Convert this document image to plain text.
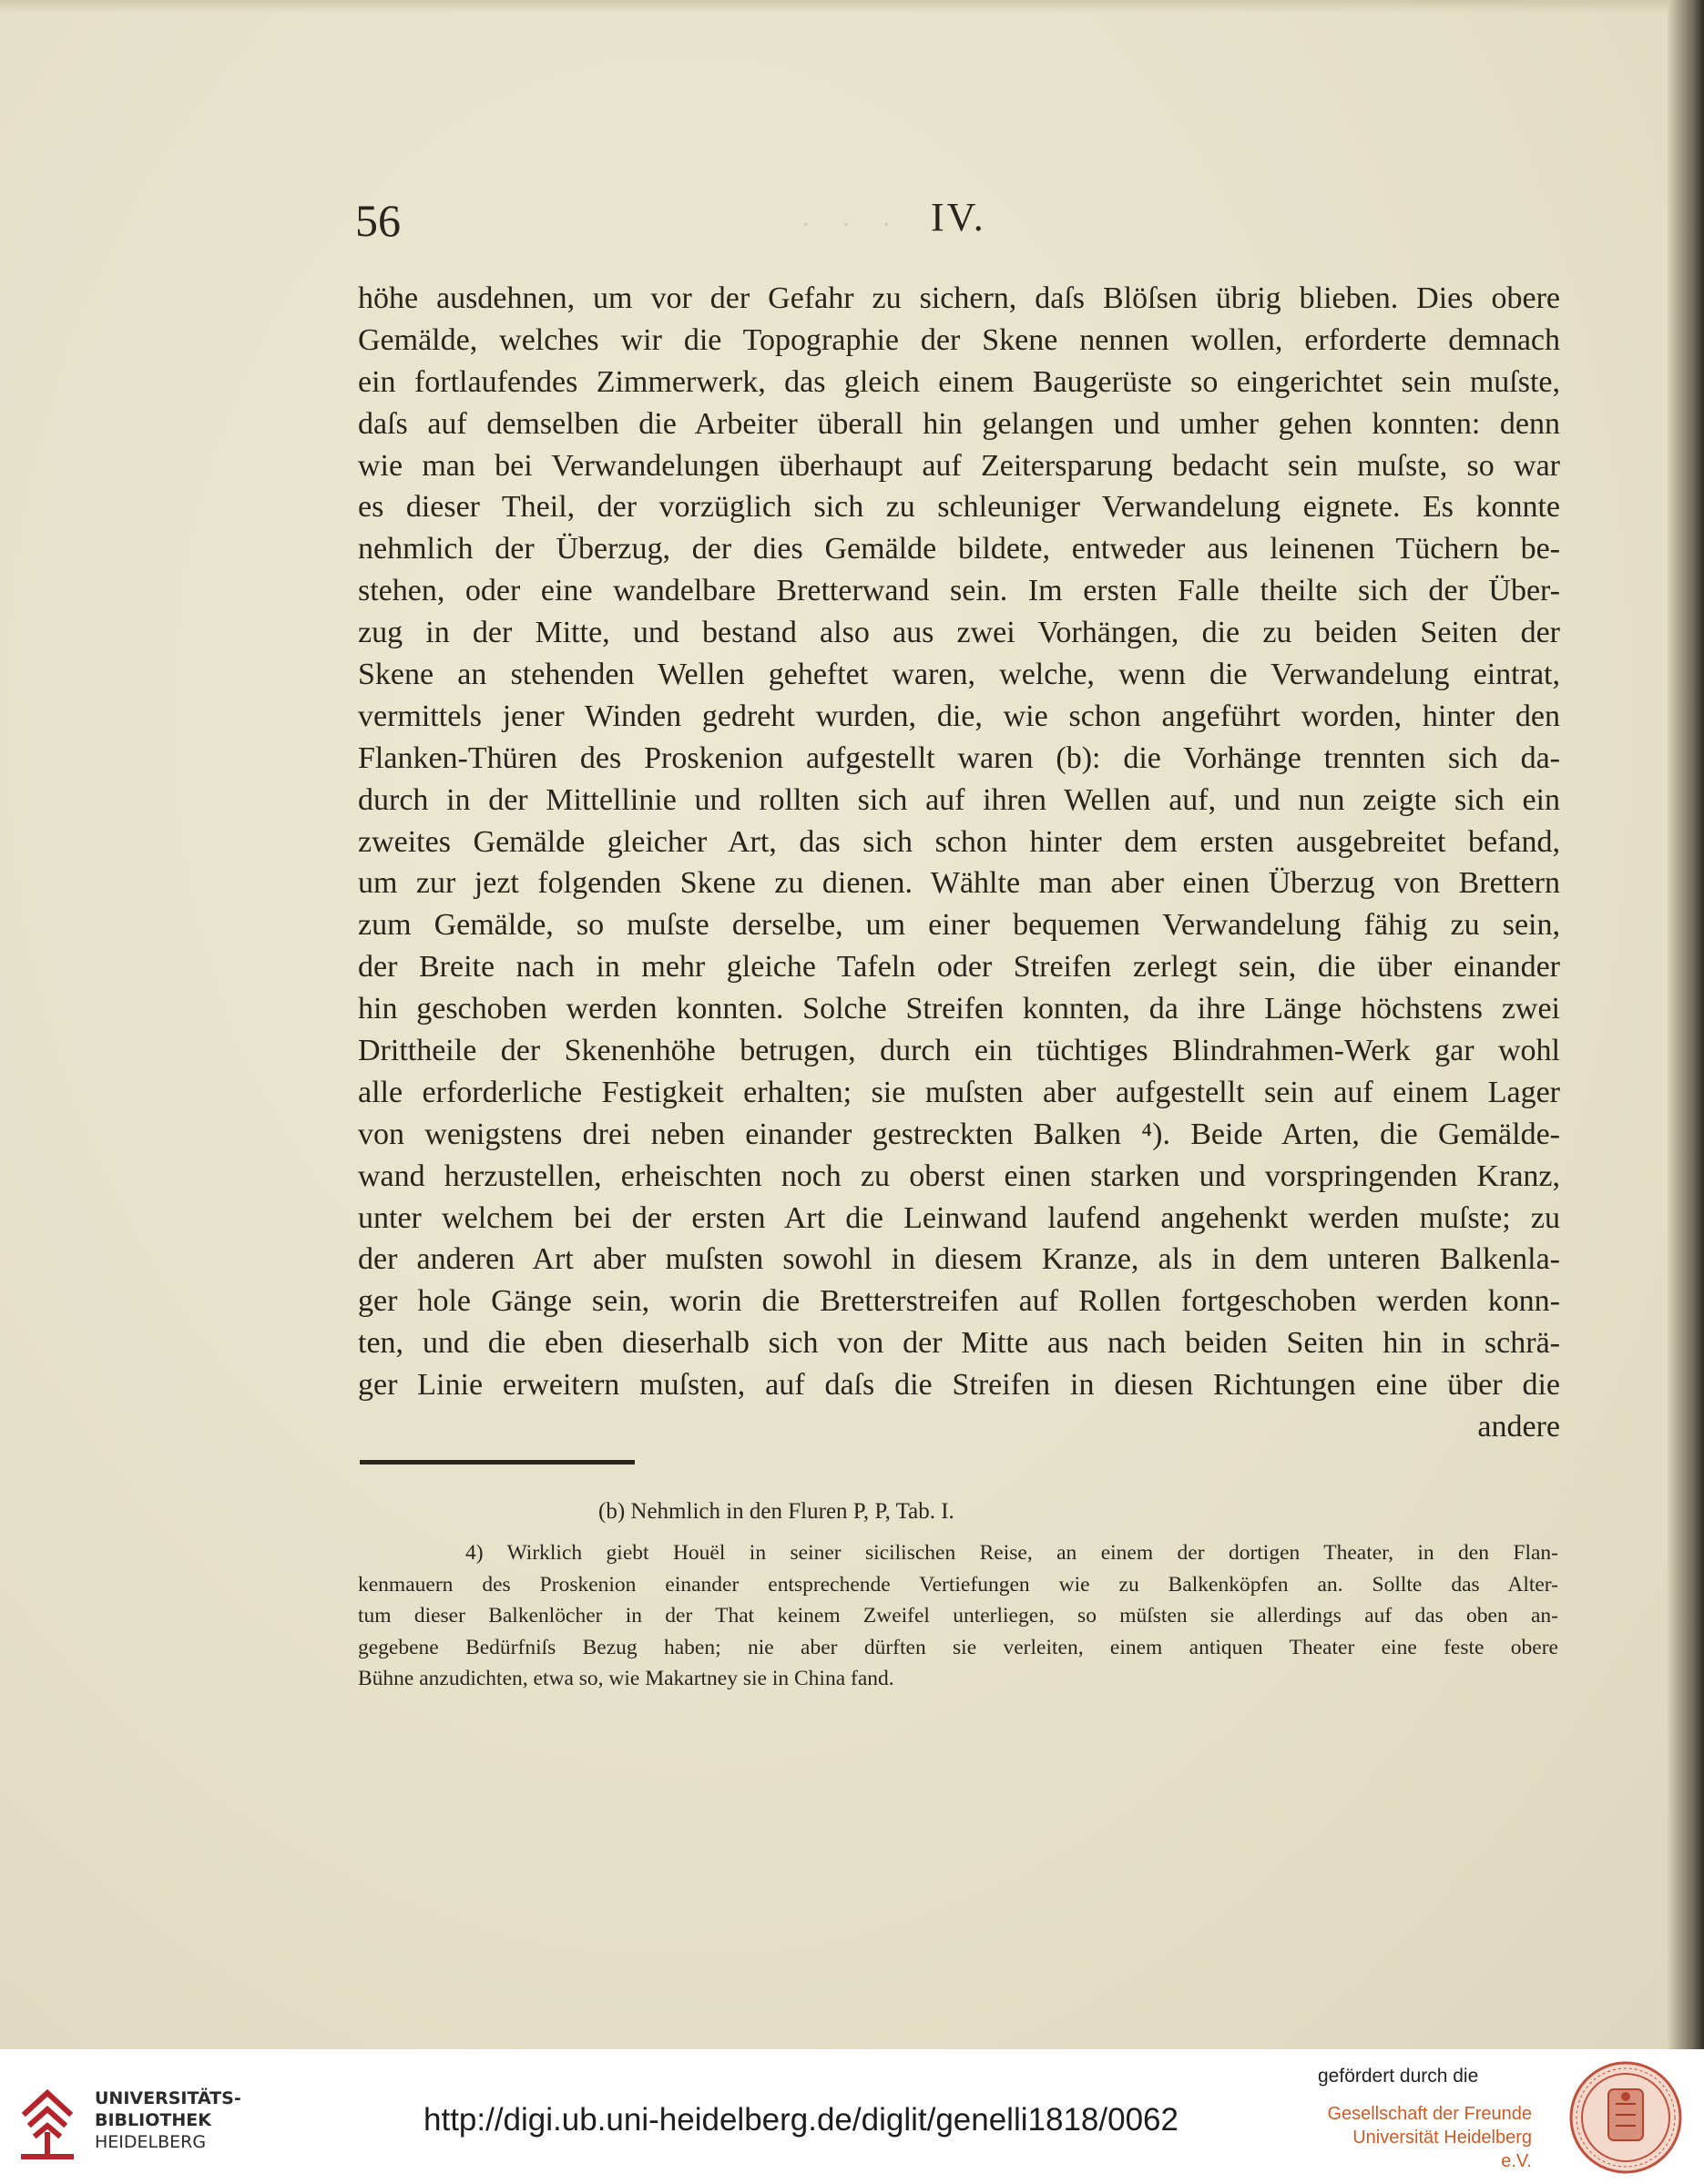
· · ·
56	IV.
höhe ausdehnen, um vor der Gefahr zu sichern, daſs Blöſsen übrig blieben. Dies obere
Gemälde, welches wir die Topographie der Skene nennen wollen, erforderte demnach
ein fortlaufendes Zimmerwerk, das gleich einem Baugerüste so eingerichtet sein muſste,
daſs auf demselben die Arbeiter überall hin gelangen und umher gehen konnten: denn
wie man bei Verwandelungen überhaupt auf Zeitersparung bedacht sein muſste, so war
es dieser Theil, der vorzüglich sich zu schleuniger Verwandelung eignete. Es konnte
nehmlich der Überzug, der dies Gemälde bildete, entweder aus leinenen Tüchern be-
stehen, oder eine wandelbare Bretterwand sein. Im ersten Falle theilte sich der Über-
zug in der Mitte, und bestand also aus zwei Vorhängen, die zu beiden Seiten der
Skene an stehenden Wellen geheftet waren, welche, wenn die Verwandelung eintrat,
vermittels jener Winden gedreht wurden, die, wie schon angeführt worden, hinter den
Flanken-Thüren des Proskenion aufgestellt waren (b): die Vorhänge trennten sich da-
durch in der Mittellinie und rollten sich auf ihren Wellen auf, und nun zeigte sich ein
zweites Gemälde gleicher Art, das sich schon hinter dem ersten ausgebreitet befand,
um zur jezt folgenden Skene zu dienen. Wählte man aber einen Überzug von Brettern
zum Gemälde, so muſste derselbe, um einer bequemen Verwandelung fähig zu sein,
der Breite nach in mehr gleiche Tafeln oder Streifen zerlegt sein, die über einander
hin geschoben werden konnten. Solche Streifen konnten, da ihre Länge höchstens zwei
Drittheile der Skenenhöhe betrugen, durch ein tüchtiges Blindrahmen-Werk gar wohl
alle erforderliche Festigkeit erhalten; sie muſsten aber aufgestellt sein auf einem Lager
von wenigstens drei neben einander gestreckten Balken ⁴). Beide Arten, die Gemälde-
wand herzustellen, erheischten noch zu oberst einen starken und vorspringenden Kranz,
unter welchem bei der ersten Art die Leinwand laufend angehenkt werden muſste; zu
der anderen Art aber muſsten sowohl in diesem Kranze, als in dem unteren Balkenla-
ger hole Gänge sein, worin die Bretterstreifen auf Rollen fortgeschoben werden konn-
ten, und die eben dieserhalb sich von der Mitte aus nach beiden Seiten hin in schrä-
ger Linie erweitern muſsten, auf daſs die Streifen in diesen Richtungen eine über die
andere
(b) Nehmlich in den Fluren P, P, Tab. I.
4) Wirklich giebt Houël in seiner sicilischen Reise, an einem der dortigen Theater, in den Flan-
kenmauern des Proskenion einander entsprechende Vertiefungen wie zu Balkenköpfen an. Sollte das Alter-
tum dieser Balkenlöcher in der That keinem Zweifel unterliegen, so müſsten sie allerdings auf das oben an-
gegebene Bedürfniſs Bezug haben; nie aber dürften sie verleiten, einem antiquen Theater eine feste obere
Bühne anzudichten, etwa so, wie Makartney sie in China fand.
UNIVERSITÄTS-
BIBLIOTHEK
HEIDELBERG
http://digi.ub.uni-heidelberg.de/diglit/genelli1818/0062
gefördert durch die
Gesellschaft der Freunde
Universität Heidelberg e.V.
